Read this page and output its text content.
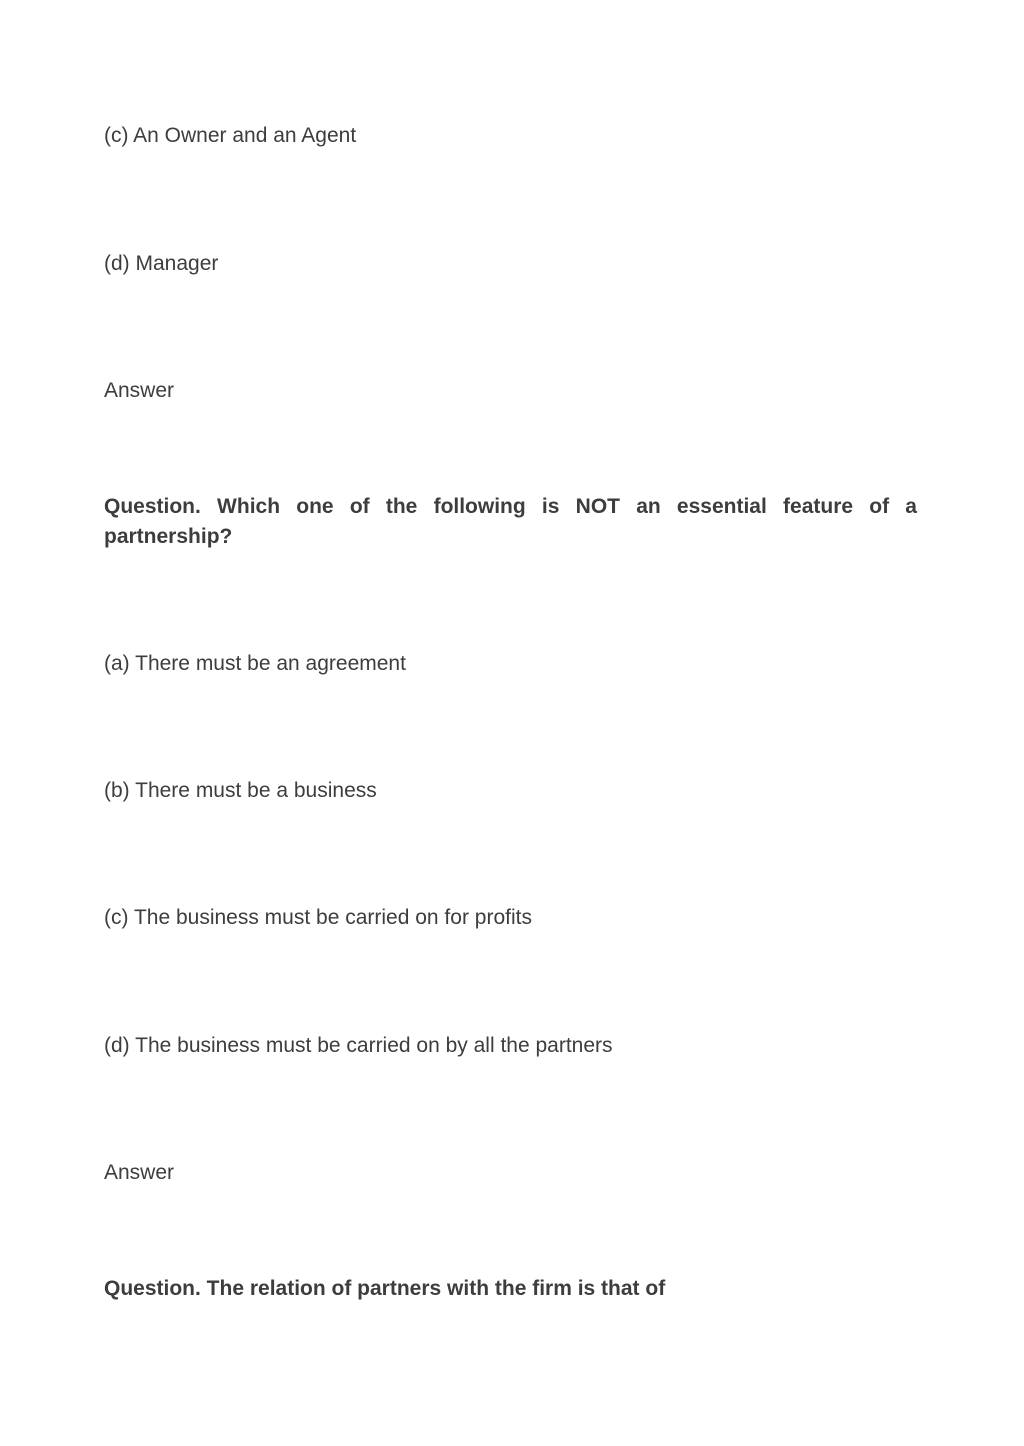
(c) An Owner and an Agent
(d) Manager
Answer
Question. Which one of the following is NOT an essential feature of a partnership?
(a) There must be an agreement
(b) There must be a business
(c) The business must be carried on for profits
(d) The business must be carried on by all the partners
Answer
Question. The relation of partners with the firm is that of
